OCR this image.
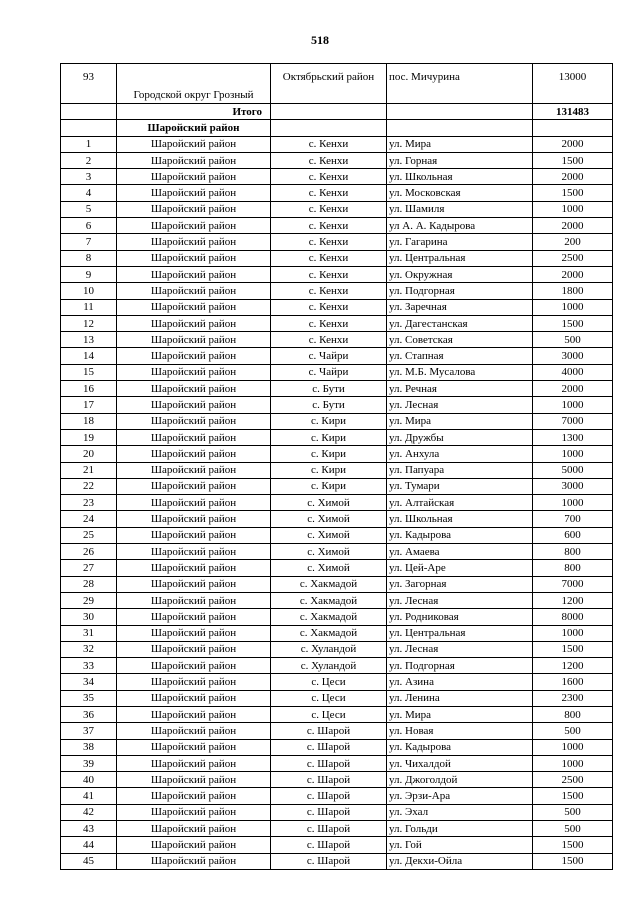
518
93	Городской округ Грозный	Октябрьский район	пос. Мичурина	13000
	Итого			131483
	Шаройский район			
1	Шаройский район	с. Кенхи	ул. Мира	2000
2	Шаройский район	с. Кенхи	ул. Горная	1500
3	Шаройский район	с. Кенхи	ул. Школьная	2000
4	Шаройский район	с. Кенхи	ул. Московская	1500
5	Шаройский район	с. Кенхи	ул. Шамиля	1000
6	Шаройский район	с. Кенхи	ул А. А. Кадырова	2000
7	Шаройский район	с. Кенхи	ул. Гагарина	200
8	Шаройский район	с. Кенхи	ул. Центральная	2500
9	Шаройский район	с. Кенхи	ул. Окружная	2000
10	Шаройский район	с. Кенхи	ул. Подгорная	1800
11	Шаройский район	с. Кенхи	ул. Заречная	1000
12	Шаройский район	с. Кенхи	ул. Дагестанская	1500
13	Шаройский район	с. Кенхи	ул. Советская	500
14	Шаройский район	с. Чайри	ул. Стапная	3000
15	Шаройский район	с. Чайри	ул. М.Б. Мусалова	4000
16	Шаройский район	с. Бути	ул. Речная	2000
17	Шаройский район	с. Бути	ул. Лесная	1000
18	Шаройский район	с. Кири	ул. Мира	7000
19	Шаройский район	с. Кири	ул. Дружбы	1300
20	Шаройский район	с. Кири	ул. Анхула	1000
21	Шаройский район	с. Кири	ул. Папуара	5000
22	Шаройский район	с. Кири	ул. Тумари	3000
23	Шаройский район	с. Химой	ул. Алтайская	1000
24	Шаройский район	с. Химой	ул. Школьная	700
25	Шаройский район	с. Химой	ул. Кадырова	600
26	Шаройский район	с. Химой	ул. Амаева	800
27	Шаройский район	с. Химой	ул. Цей-Аре	800
28	Шаройский район	с. Хакмадой	ул. Загорная	7000
29	Шаройский район	с. Хакмадой	ул. Лесная	1200
30	Шаройский район	с. Хакмадой	ул. Родниковая	8000
31	Шаройский район	с. Хакмадой	ул. Центральная	1000
32	Шаройский район	с. Хуландой	ул. Лесная	1500
33	Шаройский район	с. Хуландой	ул. Подгорная	1200
34	Шаройский район	с. Цеси	ул. Азина	1600
35	Шаройский район	с. Цеси	ул. Ленина	2300
36	Шаройский район	с. Цеси	ул. Мира	800
37	Шаройский район	с. Шарой	ул. Новая	500
38	Шаройский район	с. Шарой	ул. Кадырова	1000
39	Шаройский район	с. Шарой	ул. Чихалдой	1000
40	Шаройский район	с. Шарой	ул. Джоголдой	2500
41	Шаройский район	с. Шарой	ул. Эрзи-Ара	1500
42	Шаройский район	с. Шарой	ул. Эхал	500
43	Шаройский район	с. Шарой	ул. Гольди	500
44	Шаройский район	с. Шарой	ул. Гой	1500
45	Шаройский район	с. Шарой	ул. Декхи-Ойла	1500
